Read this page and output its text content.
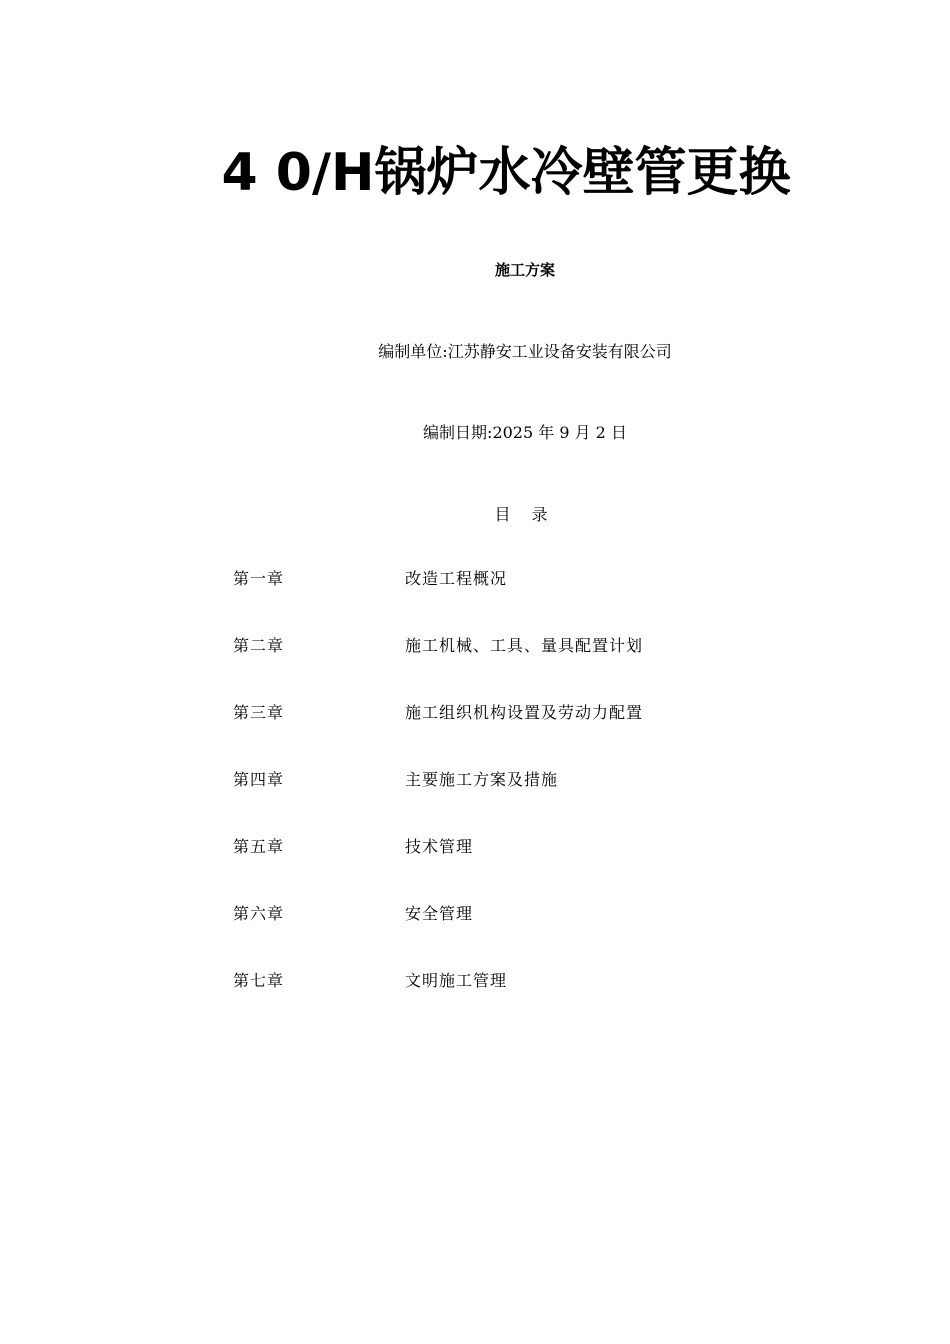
4 0/H锅炉水冷壁管更换
施工方案
编制单位:江苏静安工业设备安装有限公司
编制日期:2025 年 9 月 2 日
目 录
第一章	改造工程概况
第二章	施工机械、工具、量具配置计划
第三章	施工组织机构设置及劳动力配置
第四章	主要施工方案及措施
第五章	技术管理
第六章	安全管理
第七章	文明施工管理
